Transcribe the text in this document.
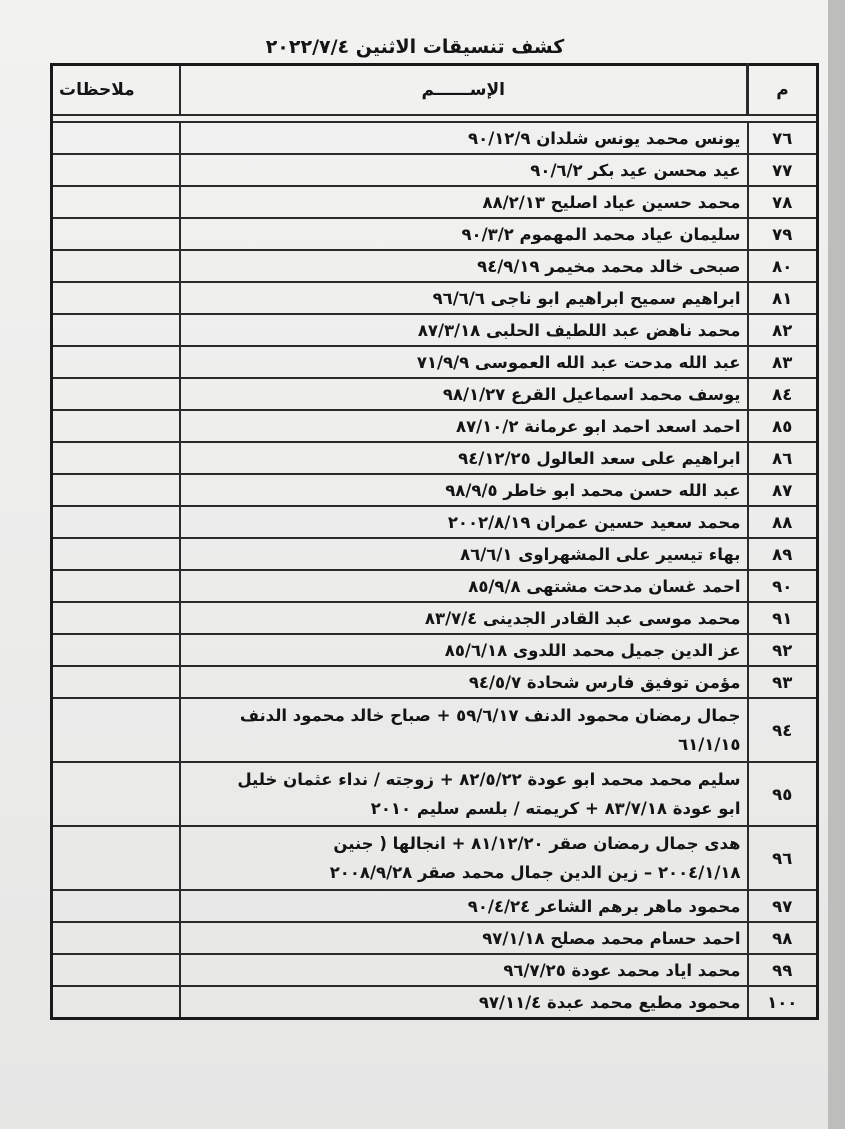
كشف تنسيقات الاثنين ٢٠٢٢/٧/٤
م	الإســــــم	ملاحظات

٧٦	يونس محمد يونس شلدان ٩٠/١٢/٩	
٧٧	عيد محسن عيد بكر ٩٠/٦/٢	
٧٨	محمد حسين عياد اصليح ٨٨/٢/١٣	
٧٩	سليمان عياد محمد المهموم ٩٠/٣/٢	
٨٠	صبحى خالد محمد مخيمر ٩٤/٩/١٩	
٨١	ابراهيم سميح ابراهيم ابو ناجى ٩٦/٦/٦	
٨٢	محمد ناهض عبد اللطيف الحلبى ٨٧/٣/١٨	
٨٣	عبد الله مدحت عبد الله العموسى ٧١/٩/٩	
٨٤	يوسف محمد اسماعيل القرع ٩٨/١/٢٧	
٨٥	احمد اسعد احمد ابو عرمانة ٨٧/١٠/٢	
٨٦	ابراهيم على سعد العالول ٩٤/١٢/٢٥	
٨٧	عبد الله حسن محمد ابو خاطر ٩٨/٩/٥	
٨٨	محمد سعيد حسين عمران ٢٠٠٢/٨/١٩	
٨٩	بهاء تيسير على المشهراوى ٨٦/٦/١	
٩٠	احمد غسان مدحت مشتهى ٨٥/٩/٨	
٩١	محمد موسى عبد القادر الجدينى ٨٣/٧/٤	
٩٢	عز الدين جميل محمد اللدوى ٨٥/٦/١٨	
٩٣	مؤمن توفيق فارس شحادة ٩٤/٥/٧	
٩٤	جمال رمضان محمود الدنف ٥٩/٦/١٧ + صباح خالد محمود الدنف
٦١/١/١٥	
٩٥	سليم محمد محمد ابو عودة ٨٢/٥/٢٢ + زوجته / نداء عثمان خليل
ابو عودة ٨٣/٧/١٨ + كريمته / بلسم سليم ٢٠١٠	
٩٦	هدى جمال رمضان صقر ٨١/١٢/٢٠ + انجالها ( جنين
٢٠٠٤/١/١٨ – زين الدين جمال محمد صقر ٢٠٠٨/٩/٢٨	
٩٧	محمود ماهر برهم الشاعر ٩٠/٤/٢٤	
٩٨	احمد حسام محمد مصلح ٩٧/١/١٨	
٩٩	محمد اياد محمد عودة ٩٦/٧/٢٥	
١٠٠	محمود مطيع محمد عبدة ٩٧/١١/٤	
